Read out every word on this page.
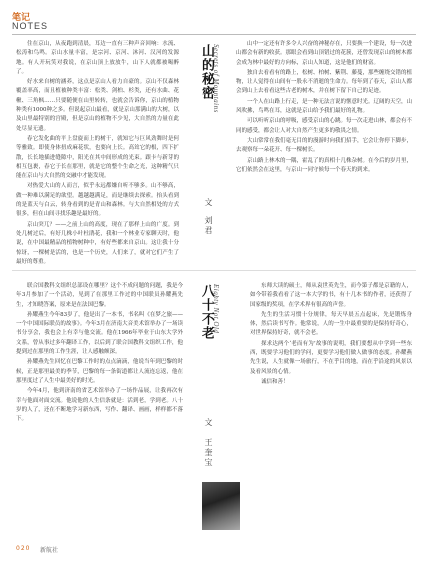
笔记
NOTES

住在京山，从夜跑到清晨，耳边一直有三种声音回响：水流、松涛和鸟鸣。京山水量丰富，是宗河、京河、沐河、汉河的发源地。有人开玩笑对我说，在京山顶上放放牛，山下人就都被喝醉了。

好水来自树的涵养，这点是京山人看力自豪的。京山不仅森林覆盖率高，而且植被种类丰富：松类、剑柏、杉类，还有水曲、花楸、三角枫……只要随便在山里转转，也就会告诉你，京山的植物种类有1000种之多。但说起京山最看，就是京山那满山的大树，以及山里最特别的宫殿，但是京山的植物不少见，大自然的力量在此处尽显无遗。

春它发化曲的平上盘旋而上的树干，就知它与巨风劲舞时是何等雅致。即使身体扭成麻花状，也要向上长。高耸它的根，四下扩散，长长地插进缝隙中，阳光在其中间形成的光束。跟卡与新芽的相互包裹，春它于长在那里，就是它的整个生命之光，这种精气只能在京山与大自然的交融中才能发现。

对热爱大山的人而言，似乎永远都嫌自听不够多。山不够高，做一种难以满足的欲望。越越越满足，而是继续去探索。抬头看到的是蓝天与白云，转身看到的是青山和森林。与大自然相处的方式很多，但在山间寻找乐趣是最好的。

京山突兀？——之前上山的高度，现在了那样上山的广度。到处几树过后，有好几株小叶杜鹃花，我和一个林业专家聊天时，他说，在中国最精品的植物树种中，有好些都来自京山。这让我十分惊讶，一棵树是活的，也是一个历史，人们来了，就对它们产生了最好的尊重。

山的秘密
Secrets of Mountains
文
刘君

山中一定还有许多令人兴奋的神秘存在，只要换一个建设，每一次进山都会有新的收获。那眼会看到山顶错过的花簇，还曾发现京山的树木都会成为林中最好的方向标，京山人知道，这是他们的财富。

独自去看看有的路上，松树、柏树、紫荆、藤蔓，那些缠绕交错的植物，让人觉得在山间有一股永不消逝的生命力。每年到了春天，京山人都会到山上去看看这些古老的树木，并在树下留下自己的足迹。

一个人在山路上行走，是一种无法言说的惬意时光。辽阔的天空，山风吹拂，鸟鸣在耳，这就是京山给予我们最好的礼物。

可以听听京山的呼吸，感受京山的心跳。每一次走进山林，都会有不同的感受，都会让人对大自然产生更多的敬畏之情。

大山常常在我们毫无目的的漫游时向我们招手，它会让你停下脚步，去观察每一朵花开、每一棵树长。

京山路上林木的一隅，霍乱了的真相十几株杂树。在今后的岁月里，它们依然会在这里，与京山一同守候每一个春天的到来。

联合国教科文组织总部设在哪里？这个不成问题的问题，我是今年3月参加了一个活动，见到了在那里工作过的中国联员孙耀燕先生，才知晓答案，原来是在法国巴黎。

孙耀燕生今年83岁了，他是出了一本书，书名叫《在梦之旅——一个中国国际联员的故事》。今年3月在济南大音美术馆举办了一场读书分享会，我也会上有幸与他交流。他在1966年毕业于山东大学外文系，曾从事过多年翻译工作，以后到了联合国教科文组织工作，他提到过在那里的工作生涯，让人感触颇深。

孙耀燕先生回忆在巴黎工作时的点点滴滴，他说当年到巴黎的时候，正是那里最美的季节，巴黎的每一条街道都让人流连忘返，他在那里度过了人生中最美好的时光。

今年4月，他到济南的省艺术馆举办了一场作品展，让我再次有幸与他面对面交流。他说他的人生信条就是：活到老，学到老。八十岁的人了，还在不断地学习新东西，写作、翻译、画画，样样都不落下。

八十不老
Eighty Not Old
文
王奎宝

东师大读的硕士，师从袁世英先生，而今第子都是京籍的人，如今带着我看看了这一本大学的书，有十几本书的作者，还获得了国家级的奖项，在学术界有很高的声誉。

先生的生活习惯十分规律，每天早晨五点起床，先是锻炼身体，然后读书写作。他常说，人的一生中最重要的是保持好奇心，对世界保持好奇，就不会老。

探求达两个‘老而有为’故事的说明，我们要想从中学到一些东西，既要学习他们的学问，更要学习他们做人做事的态度。孙耀燕先生说，人生就像一场旅行，不在乎目的地，而在乎沿途的风景以及看风景的心情。

诚信和善！

020 新航社
